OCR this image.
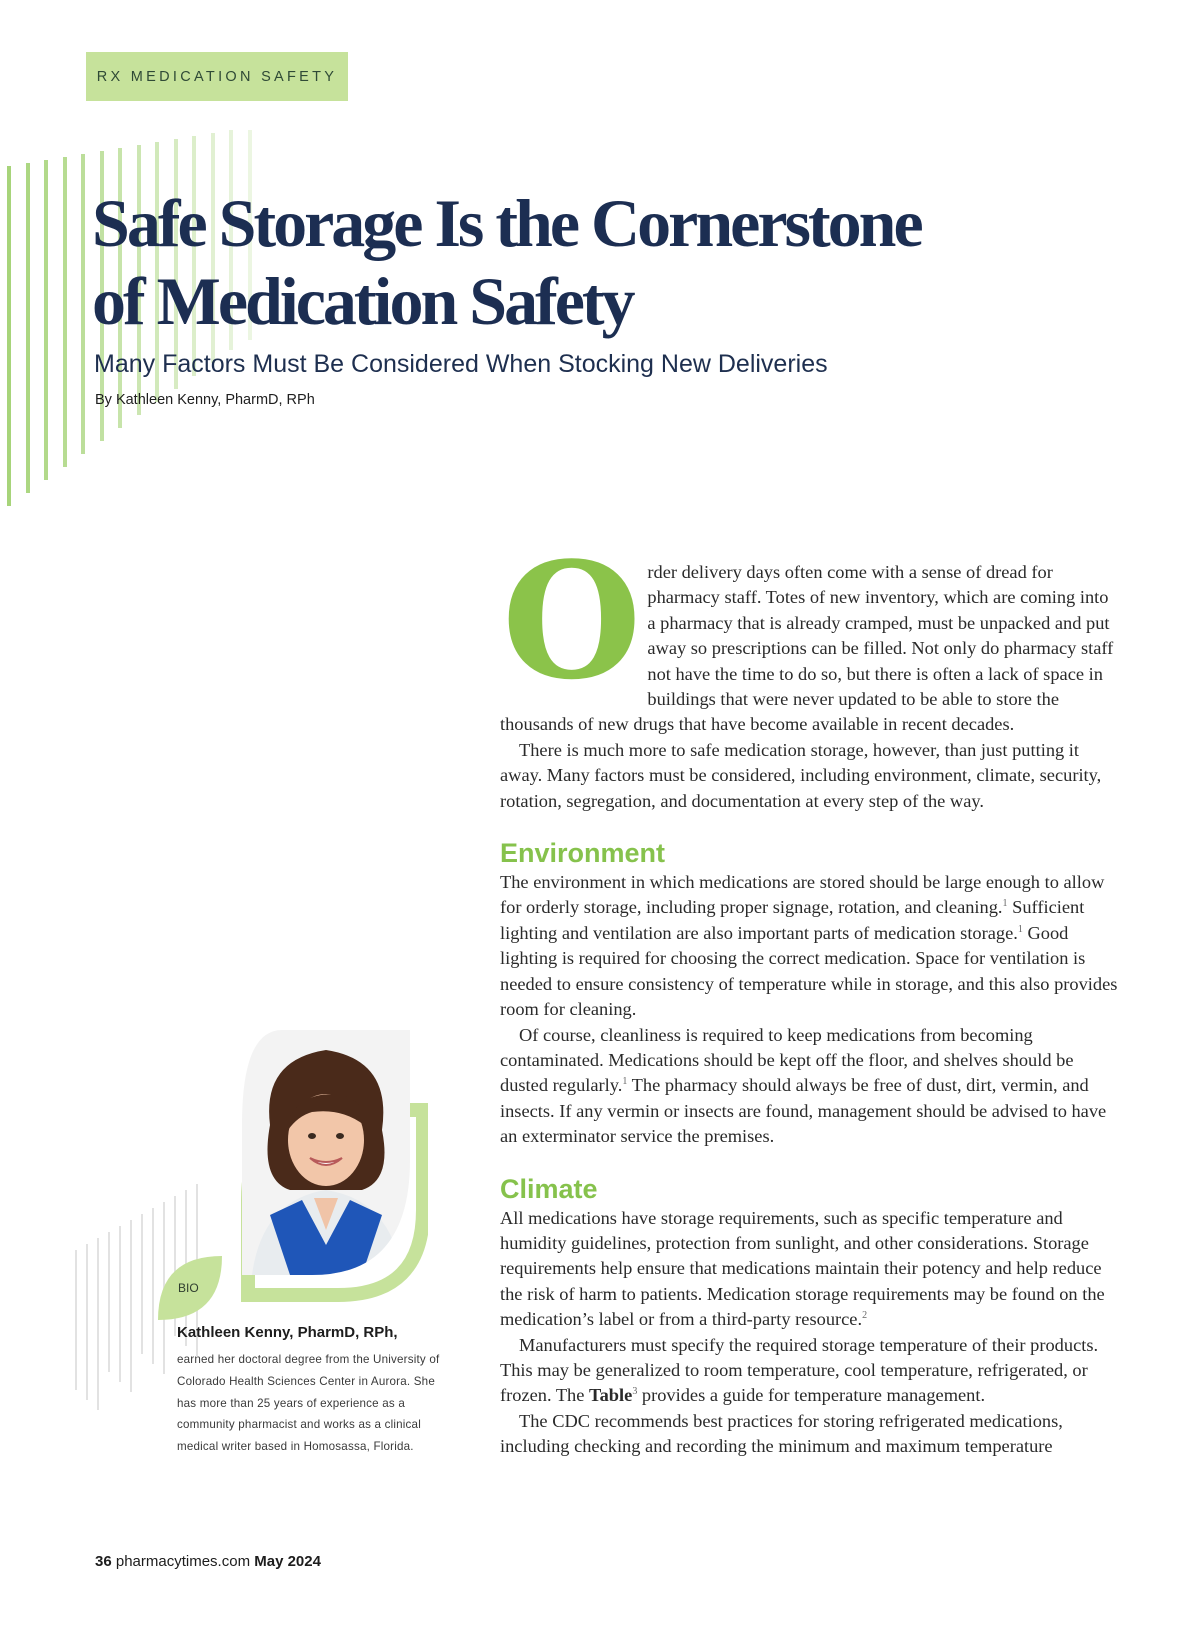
RX MEDICATION SAFETY
Safe Storage Is the Cornerstone
of Medication Safety
Many Factors Must Be Considered When Stocking New Deliveries
By Kathleen Kenny, PharmD, RPh
O rder delivery days often come with a sense of dread for pharmacy staff. Totes of new inventory, which are coming into a pharmacy that is already cramped, must be unpacked and put away so prescriptions can be filled. Not only do pharmacy staff not have the time to do so, but there is often a lack of space in buildings that were never updated to be able to store the thousands of new drugs that have become available in recent decades.

There is much more to safe medication storage, however, than just putting it away. Many factors must be considered, including environment, climate, security, rotation, segregation, and documentation at every step of the way.

Environment

The environment in which medications are stored should be large enough to allow for orderly storage, including proper signage, rotation, and cleaning.$^1$ Sufficient lighting and ventilation are also important parts of medication storage.$^1$ Good lighting is required for choosing the correct medication. Space for ventilation is needed to ensure consistency of temperature while in storage, and this also provides room for cleaning.

Of course, cleanliness is required to keep medications from becoming contaminated. Medications should be kept off the floor, and shelves should be dusted regularly.$^1$ The pharmacy should always be free of dust, dirt, vermin, and insects. If any vermin or insects are found, management should be advised to have an exterminator service the premises.

Climate

All medications have storage requirements, such as specific temperature and humidity guidelines, protection from sunlight, and other considerations. Storage requirements help ensure that medications maintain their potency and help reduce the risk of harm to patients. Medication storage requirements may be found on the medication’s label or from a third-party resource.$^2$

Manufacturers must specify the required storage temperature of their products. This may be generalized to room temperature, cool temperature, refrigerated, or frozen. The Table$^3$ provides a guide for temperature management.

The CDC recommends best practices for storing refrigerated medications, including checking and recording the minimum and maximum temperature

BIO
Kathleen Kenny, PharmD, RPh,
earned her doctoral degree from the University of Colorado Health Sciences Center in Aurora. She has more than 25 years of experience as a community pharmacist and works as a clinical medical writer based in Homosassa, Florida.
36 pharmacytimes.com May 2024
